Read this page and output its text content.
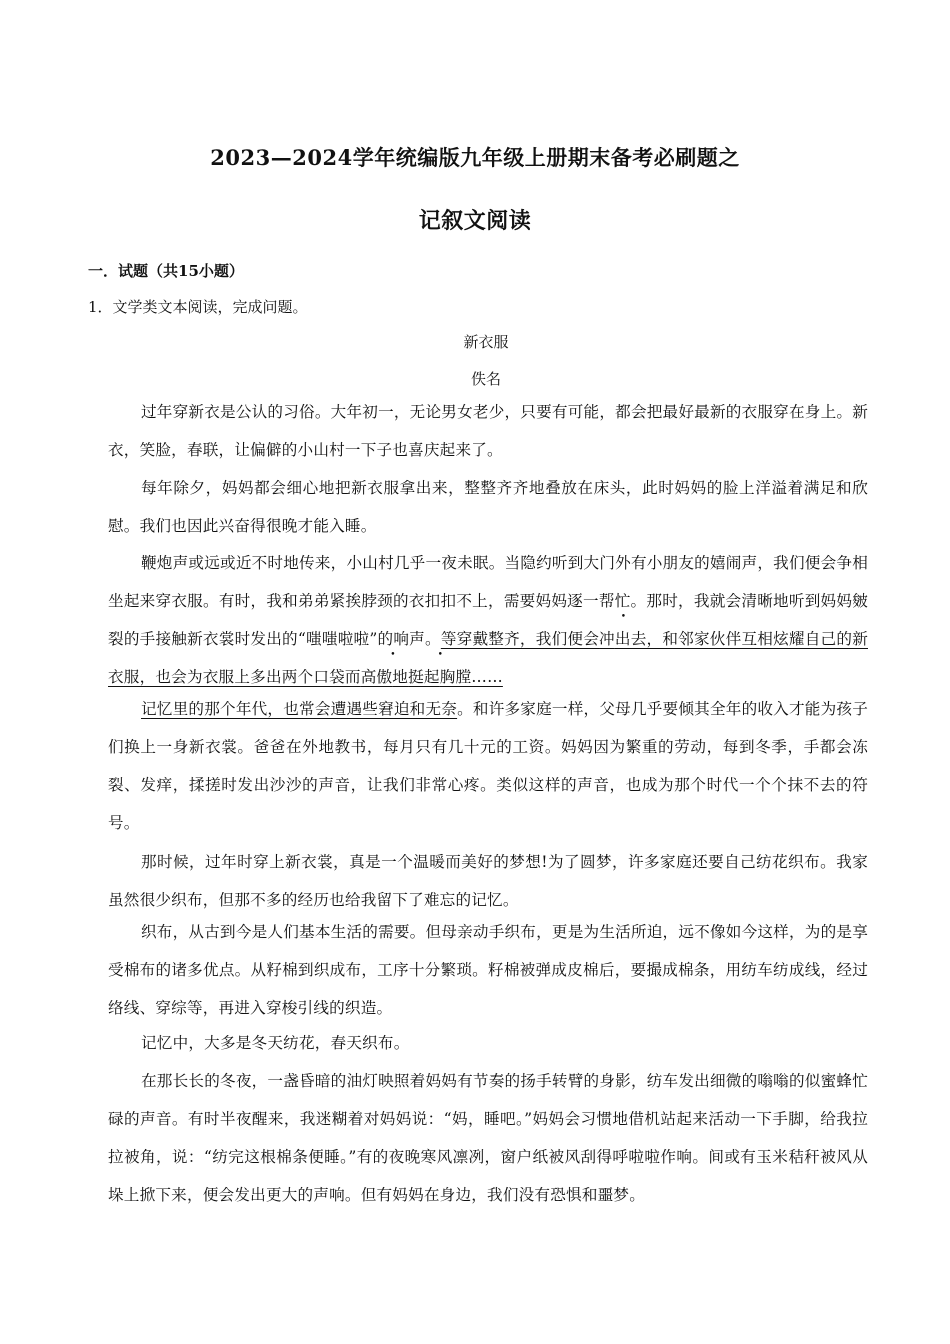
2023—2024学年统编版九年级上册期末备考必刷题之
记叙文阅读
一．试题（共15小题）
1．文学类文本阅读，完成问题。
新衣服
佚名

过年穿新衣是公认的习俗。大年初一，无论男女老少，只要有可能，都会把最好最新的衣服穿在身上。新衣，笑脸，春联，让偏僻的小山村一下子也喜庆起来了。

每年除夕，妈妈都会细心地把新衣服拿出来，整整齐齐地叠放在床头，此时妈妈的脸上洋溢着满足和欣慰。我们也因此兴奋得很晚才能入睡。

鞭炮声或远或近不时地传来，小山村几乎一夜未眠。当隐约听到大门外有小朋友的嬉闹声，我们便会争相坐起来穿衣服。有时，我和弟弟紧挨脖颈的衣扣扣不上，需要妈妈逐一帮忙。那时，我就会清晰地听到妈妈皴裂的手接触新衣裳时发出的“嗤嗤啦啦”的响声。等穿戴整齐，我们便会冲出去，和邻家伙伴互相炫耀自己的新衣服，也会为衣服上多出两个口袋而高傲地挺起胸膛……

记忆里的那个年代，也常会遭遇些窘迫和无奈。和许多家庭一样，父母几乎要倾其全年的收入才能为孩子们换上一身新衣裳。爸爸在外地教书，每月只有几十元的工资。妈妈因为繁重的劳动，每到冬季，手都会冻裂、发痒，揉搓时发出沙沙的声音，让我们非常心疼。类似这样的声音，也成为那个时代一个个抹不去的符号。

那时候，过年时穿上新衣裳，真是一个温暖而美好的梦想!为了圆梦，许多家庭还要自己纺花织布。我家虽然很少织布，但那不多的经历也给我留下了难忘的记忆。

织布，从古到今是人们基本生活的需要。但母亲动手织布，更是为生活所迫，远不像如今这样，为的是享受棉布的诸多优点。从籽棉到织成布，工序十分繁琐。籽棉被弹成皮棉后，要撮成棉条，用纺车纺成线，经过络线、穿综等，再进入穿梭引线的织造。

记忆中，大多是冬天纺花，春天织布。

在那长长的冬夜，一盏昏暗的油灯映照着妈妈有节奏的扬手转臂的身影，纺车发出细微的嗡嗡的似蜜蜂忙碌的声音。有时半夜醒来，我迷糊着对妈妈说：“妈，睡吧。”妈妈会习惯地借机站起来活动一下手脚，给我拉拉被角，说：“纺完这根棉条便睡。”有的夜晚寒风凛冽，窗户纸被风刮得呼啦啦作响。间或有玉米秸秆被风从垛上掀下来，便会发出更大的声响。但有妈妈在身边，我们没有恐惧和噩梦。
